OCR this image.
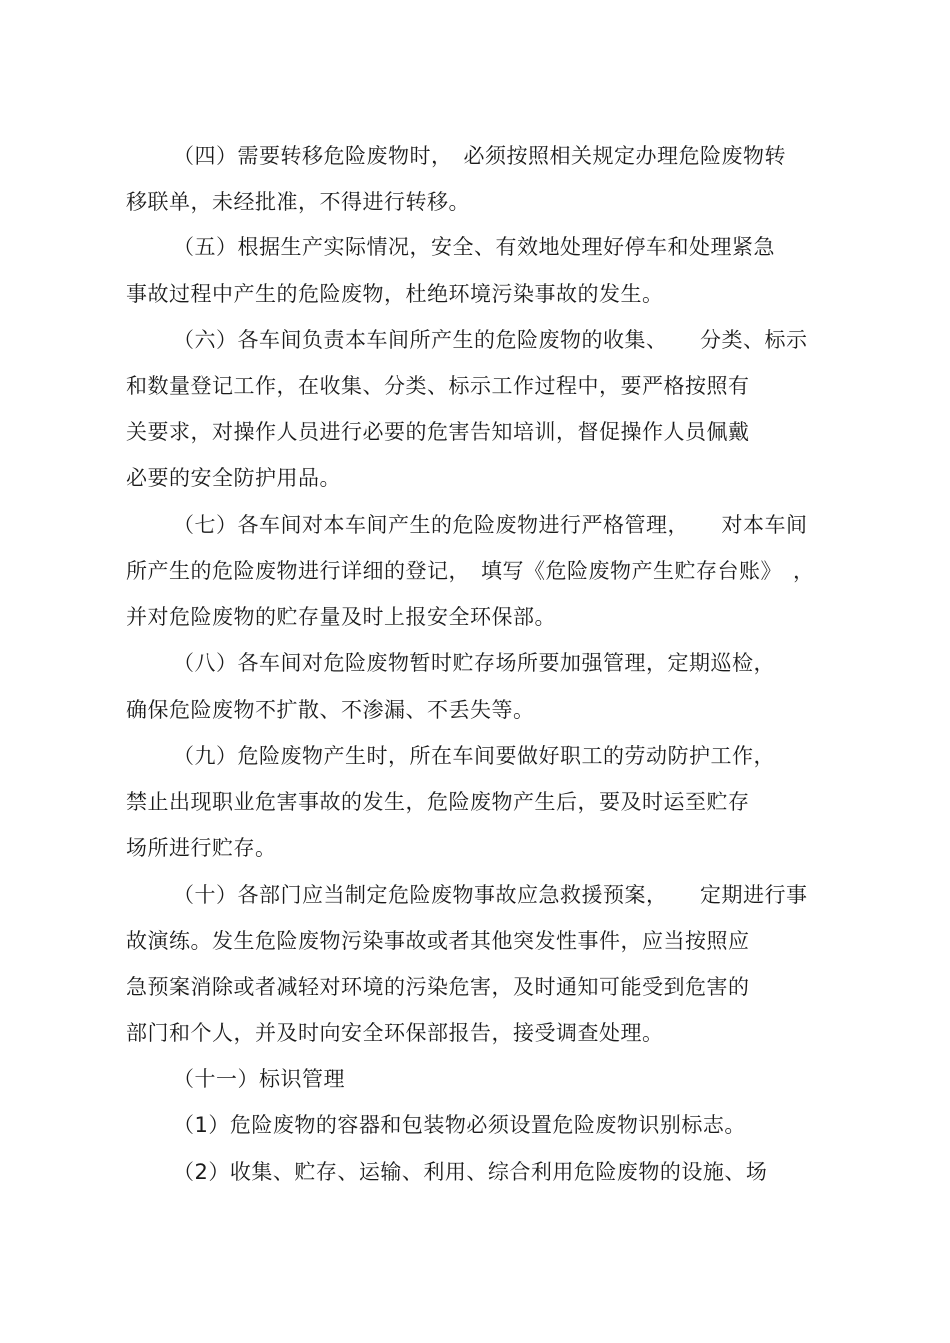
（四）需要转移危险废物时，　必须按照相关规定办理危险废物转

移联单，未经批准，不得进行转移。

（五）根据生产实际情况，安全、有效地处理好停车和处理紧急

事故过程中产生的危险废物，杜绝环境污染事故的发生。

（六）各车间负责本车间所产生的危险废物的收集、　　分类、标示

和数量登记工作，在收集、分类、标示工作过程中，要严格按照有

关要求，对操作人员进行必要的危害告知培训，督促操作人员佩戴

必要的安全防护用品。

（七）各车间对本车间产生的危险废物进行严格管理，　　对本车间

所产生的危险废物进行详细的登记，　填写《危险废物产生贮存台账》　，

并对危险废物的贮存量及时上报安全环保部。

（八）各车间对危险废物暂时贮存场所要加强管理，定期巡检，

确保危险废物不扩散、不渗漏、不丢失等。

（九）危险废物产生时，所在车间要做好职工的劳动防护工作，

禁止出现职业危害事故的发生，危险废物产生后，要及时运至贮存

场所进行贮存。

（十）各部门应当制定危险废物事故应急救援预案，　　定期进行事

故演练。发生危险废物污染事故或者其他突发性事件，应当按照应

急预案消除或者减轻对环境的污染危害，及时通知可能受到危害的

部门和个人，并及时向安全环保部报告，接受调查处理。

（十一）标识管理

（1）危险废物的容器和包装物必须设置危险废物识别标志。

（2）收集、贮存、运输、利用、综合利用危险废物的设施、场
